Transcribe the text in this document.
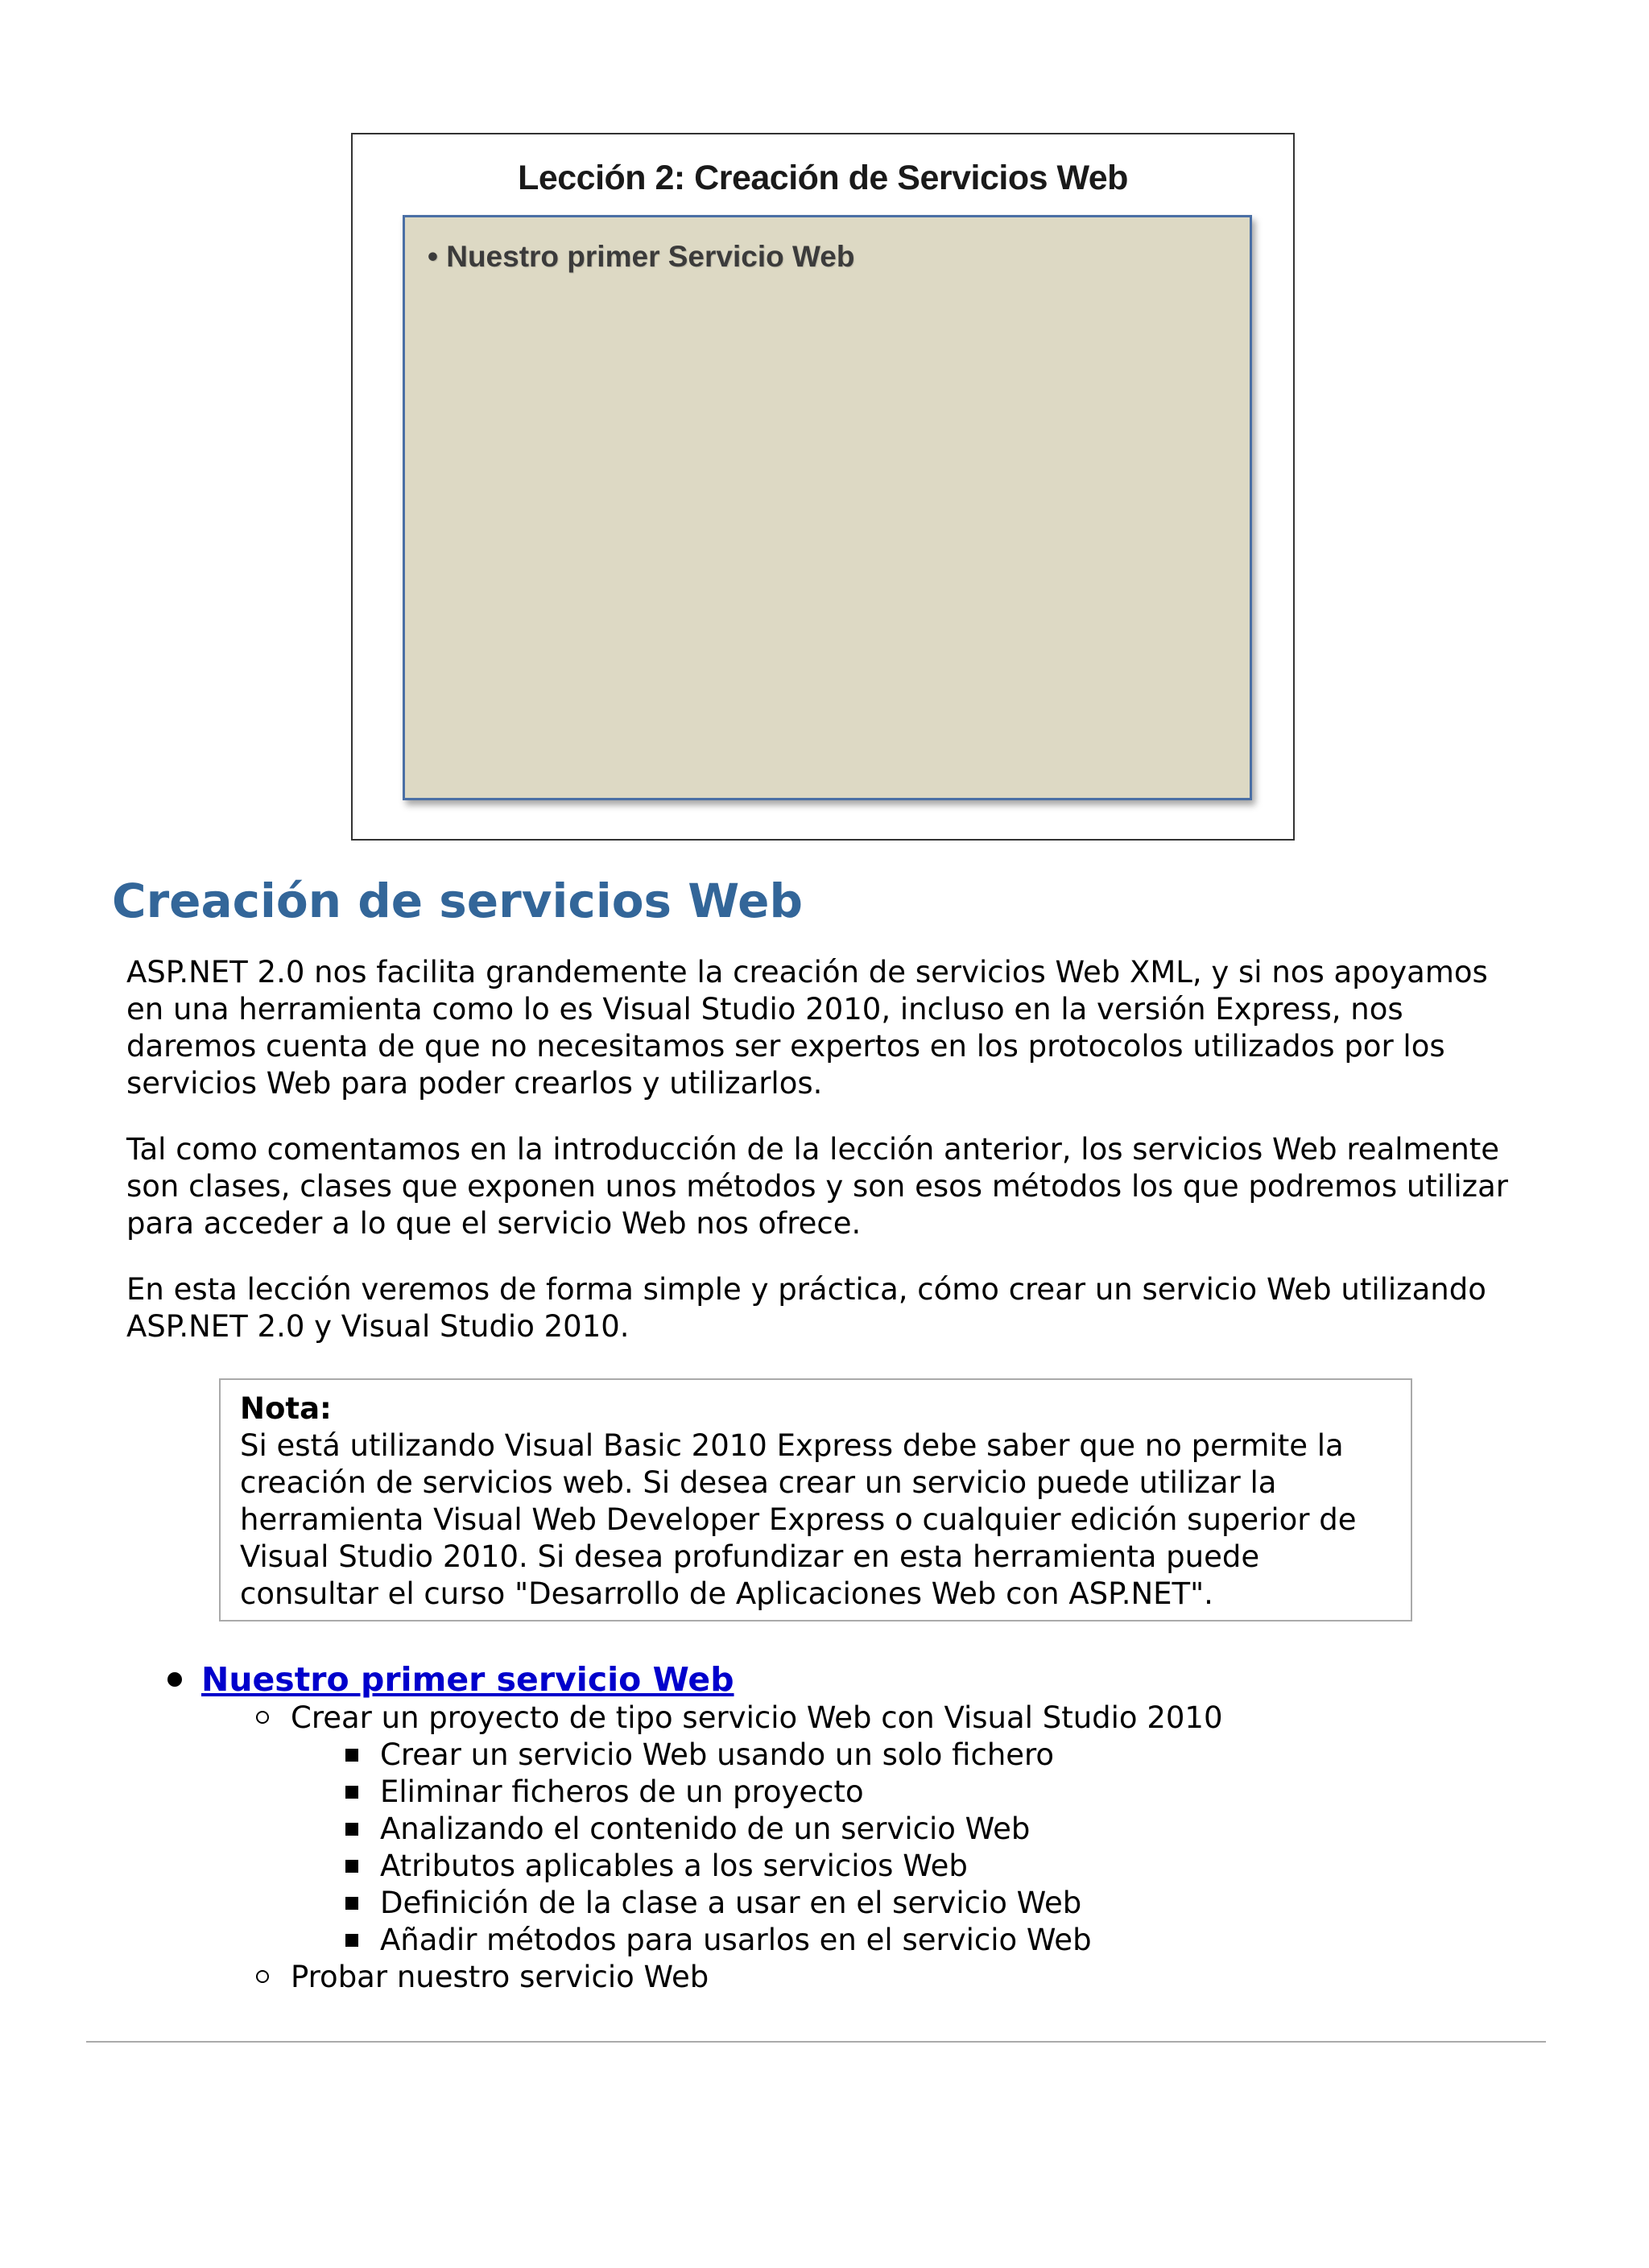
Lección 2: Creación de Servicios Web
• Nuestro primer Servicio Web
Creación de servicios Web

ASP.NET 2.0 nos facilita grandemente la creación de servicios Web XML, y si nos apoyamos en una herramienta como lo es Visual Studio 2010, incluso en la versión Express, nos daremos cuenta de que no necesitamos ser expertos en los protocolos utilizados por los servicios Web para poder crearlos y utilizarlos.

Tal como comentamos en la introducción de la lección anterior, los servicios Web realmente son clases, clases que exponen unos métodos y son esos métodos los que podremos utilizar para acceder a lo que el servicio Web nos ofrece.

En esta lección veremos de forma simple y práctica, cómo crear un servicio Web utilizando ASP.NET 2.0 y Visual Studio 2010.

Nota:
Si está utilizando Visual Basic 2010 Express debe saber que no permite la creación de servicios web. Si desea crear un servicio puede utilizar la herramienta Visual Web Developer Express o cualquier edición superior de Visual Studio 2010. Si desea profundizar en esta herramienta puede consultar el curso "Desarrollo de Aplicaciones Web con ASP.NET".
Nuestro primer servicio Web
Crear un proyecto de tipo servicio Web con Visual Studio 2010
Crear un servicio Web usando un solo fichero
Eliminar ficheros de un proyecto
Analizando el contenido de un servicio Web
Atributos aplicables a los servicios Web
Definición de la clase a usar en el servicio Web
Añadir métodos para usarlos en el servicio Web
Probar nuestro servicio Web
